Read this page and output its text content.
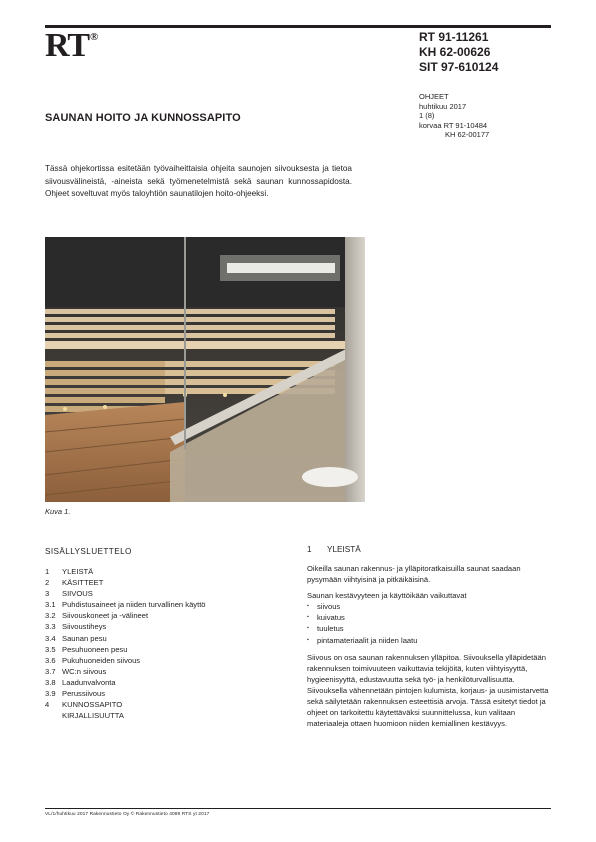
RT®	RT 91-11261
KH 62-00626
SIT 97-610124
OHJEET
huhtikuu 2017
1 (8)
korvaa RT 91-10484
KH 62-00177
SAUNAN HOITO JA KUNNOSSAPITO
Tässä ohjekortissa esitetään työvaiheittaisia ohjeita saunojen siivouksesta ja tietoa siivousvälineistä, -aineista sekä työmenetelmistä sekä saunan kunnossapidosta. Ohjeet soveltuvat myös taloyhtiön saunatilojen hoito-ohjeeksi.
Kuva 1.
SISÄLLYSLUETTELO
1	YLEISTÄ
2	KÄSITTEET
3	SIIVOUS
3.1 Puhdistusaineet ja niiden turvallinen käyttö
3.2 Siivouskoneet ja -välineet
3.3 Siivoustiheys
3.4 Saunan pesu
3.5 Pesuhuoneen pesu
3.6 Pukuhuoneiden siivous
3.7 WC:n siivous
3.8 Laadunvalvonta
3.9 Perussiivous
4	KUNNOSSAPITO
KIRJALLISUUTTA
1 YLEISTÄ

Oikeilla saunan rakennus- ja ylläpitoratkaisuilla saunat saadaan pysymään viihtyisinä ja pitkäikäisinä.

Saunan kestävyyteen ja käyttöikään vaikuttavat
▪ siivous
▪ kuivatus
▪ tuuletus
▪ pintamateriaalit ja niiden laatu

Siivous on osa saunan rakennuksen ylläpitoa. Siivouksella ylläpidetään rakennuksen toimivuuteen vaikuttavia tekijöitä, kuten viihtyisyyttä, hygieenisyyttä, edustavuutta sekä työ- ja henkilöturvallisuutta. Siivouksella vähennetään pintojen kulumista, korjaus- ja uusimistarvetta sekä säilytetään rakennuksen esteettisiä arvoja. Tässä esitetyt tiedot ja ohjeet on tarkoitettu käytettäväksi suunnittelussa, kun valitaan materiaaleja ottaen huomioon niiden kemiallinen kestävyys.

VL/1/huhtikuu 2017 Rakennustieto Oy © Rakennustieto 4089 RTS yt 2017
